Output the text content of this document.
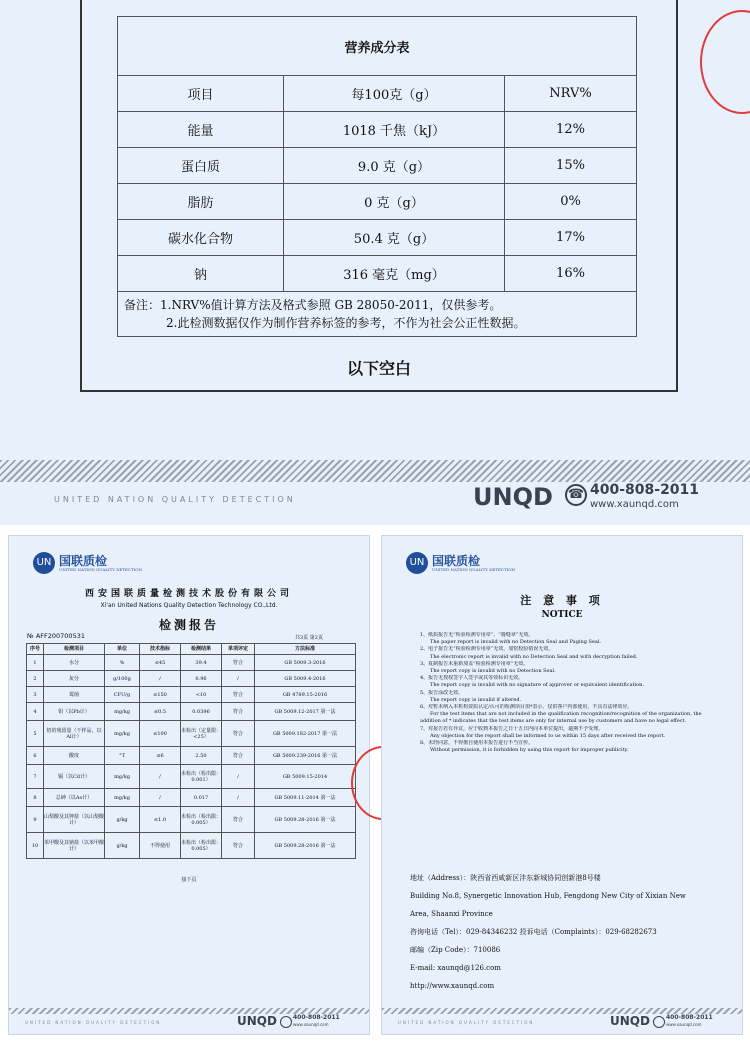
营养成分表		
项目	每100克（g）	NRV%
能量	1018 千焦（kJ）	12%
蛋白质	9.0 克（g）	15%
脂肪	0 克（g）	0%
碳水化合物	50.4 克（g）	17%
钠	316 毫克（mg）	16%

备注：1.NRV%值计算方法及格式参照 GB 28050-2011，仅供参考。
2.此检测数据仅作为制作营养标签的参考，不作为社会公正性数据。		
以下空白
UNITED NATION QUALITY DETECTION	UNQD ☎ 400-808-2011
www.xaunqd.com
UN 国联质检
UNITED NATION QUALITY DETECTION
西安国联质量检测技术股份有限公司
Xi'an United Nations Quality Detection Technology CO.,Ltd.
检测报告
№ AFF200700531	共3页 第2页
序号	检测项目	单位	技术指标	检测结果	单项评定	方法标准
1	水分	%	≤45	39.4	符合	GB 5009.3-2016
2	灰分	g/100g	/	0.96	/	GB 5009.4-2016
3	霉菌	CFU/g	≤150	<10	符合	GB 4789.15-2016
4	铅（以Pb计）	mg/kg	≤0.5	0.0396	符合	GB 5009.12-2017 第一法
5	铝的残留量（干样品，以Al计）	mg/kg	≤100	未检出（定量限：<25）	符合	GB 5009.182-2017 第一法
6	酸度	°T	≤6	2.50	符合	GB 5009.239-2016 第一法
7	镉（以Cd计）	mg/kg	/	未检出（检出限：0.001）	/	GB 5009.15-2014
8	总砷（以As计）	mg/kg	/	0.017	/	GB 5009.11-2014 第一法
9	山梨酸及其钾盐（以山梨酸计）	g/kg	≤1.0	未检出（检出限：0.005）	符合	GB 5009.28-2016 第一法
10	苯甲酸及其钠盐（以苯甲酸计）	g/kg	不得使用	未检出（检出限：0.005）	符合	GB 5009.28-2016 第一法
接下页
UNITED NATION QUALITY DETECTION	UNQD	400-808-2011
www.xaunqd.com
UN 国联质检
UNITED NATION QUALITY DETECTION
注 意 事 项
NOTICE
1、纸质报告无“检验检测专用章”、“骑缝章”无效。
The paper report is invalid with no Detection Seal and Paging Seal.
2、电子报告无“检验检测专用章”无效，加密校验错误无效。
The electronic report is invalid with no Detection Seal and with decryption failed.
3、复制报告未重新加盖“检验检测专用章”无效。
The report copy is invalid with no Detection Seal.
4、报告无授权签字人签字或其等效标识无效。
The report copy is invalid with no signature of approver or equivalent identification.
5、报告涂改无效。
The report copy is invalid if altered.
6、对暂未纳入本机构资质认定/认可的检测项目加*表示，仅供客户内部使用，不具有法律效应。
For the test items that are not included in the qualification recognition/recognition of the organization, the
addition of * indicates that the test items are only for internal use by customers and have no legal effect.
7、对报告若有异议，应于收到本报告之日十五日内向本单位提出，逾期不予受理。
Any objection for the report shall be informed to us within 15 days after received the report.
8、未经同意，不得擅自使用本报告进行不当宣传。
Without permission, it is forbidden by using this report for improper publicity.
地址（Address）：陕西省西咸新区沣东新城协同创新港8号楼
Building No.8, Synergetic Innovation Hub, Fengdong New City of Xixian New
Area, Shaanxi Province
咨询电话（Tel）：029-84346232 投诉电话（Complaints）：029-68282673
邮编（Zip Code）：710086
E-mail: xaunqd@126.com
http://www.xaunqd.com
UNITED NATION QUALITY DETECTION	UNQD	400-808-2011
www.xaunqd.com
